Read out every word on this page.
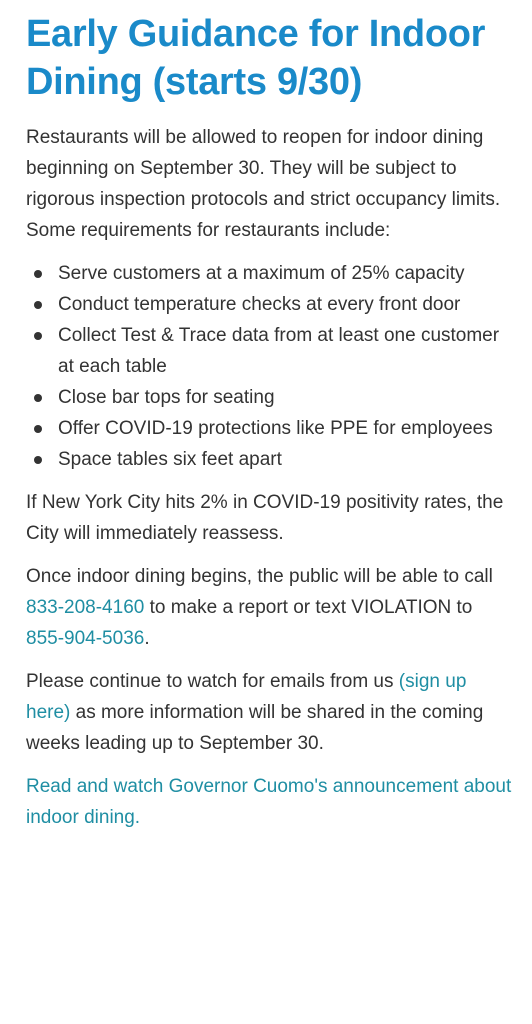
Early Guidance for Indoor Dining (starts 9/30)

Restaurants will be allowed to reopen for indoor dining beginning on September 30. They will be subject to rigorous inspection protocols and strict occupancy limits. Some requirements for restaurants include:

Serve customers at a maximum of 25% capacity
Conduct temperature checks at every front door
Collect Test & Trace data from at least one customer at each table
Close bar tops for seating
Offer COVID-19 protections like PPE for employees
Space tables six feet apart

If New York City hits 2% in COVID-19 positivity rates, the City will immediately reassess.

Once indoor dining begins, the public will be able to call 833-208-4160 to make a report or text VIOLATION to 855-904-5036.

Please continue to watch for emails from us (sign up here) as more information will be shared in the coming weeks leading up to September 30.

Read and watch Governor Cuomo's announcement about indoor dining.
